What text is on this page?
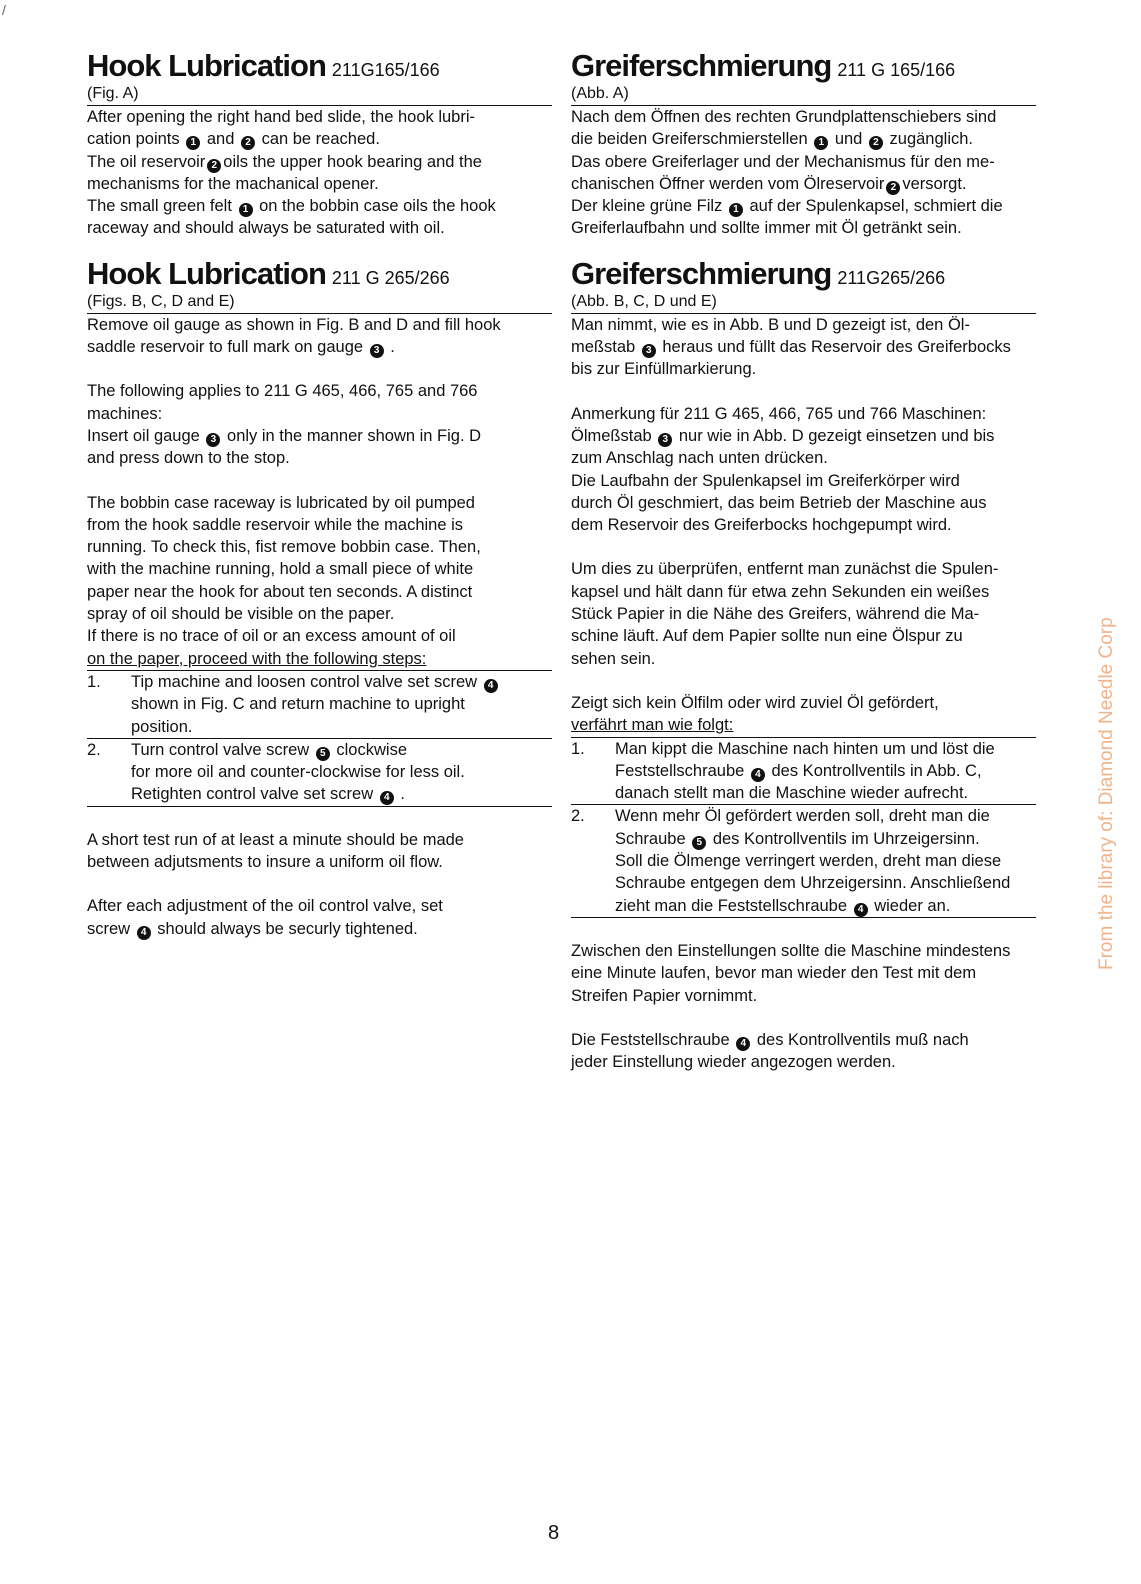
/
Hook Lubrication 211G165/166
(Fig. A)

After opening the right hand bed slide, the hook lubri-
cation points 1 and 2 can be reached.

The oil reservoir 2 oils the upper hook bearing and the
mechanisms for the machanical opener.

The small green felt 1 on the bobbin case oils the hook
raceway and should always be saturated with oil.

Hook Lubrication 211 G 265/266
(Figs. B, C, D and E)

Remove oil gauge as shown in Fig. B and D and fill hook
saddle reservoir to full mark on gauge 3 .

The following applies to 211 G 465, 466, 765 and 766
machines:

Insert oil gauge 3 only in the manner shown in Fig. D
and press down to the stop.

The bobbin case raceway is lubricated by oil pumped
from the hook saddle reservoir while the machine is
running. To check this, fist remove bobbin case. Then,
with the machine running, hold a small piece of white
paper near the hook for about ten seconds. A distinct
spray of oil should be visible on the paper.
If there is no trace of oil or an excess amount of oil

on the paper, proceed with the following steps:

1.	Tip machine and loosen control valve set screw 4
shown in Fig. C and return machine to upright
position.
2.	Turn control valve screw 5 clockwise
for more oil and counter-clockwise for less oil.
Retighten control valve set screw 4 .

A short test run of at least a minute should be made
between adjutsments to insure a uniform oil flow.

After each adjustment of the oil control valve, set
screw 4 should always be securly tightened.

Greiferschmierung 211 G 165/166
(Abb. A)

Nach dem Öffnen des rechten Grundplattenschiebers sind
die beiden Greiferschmierstellen 1 und 2 zugänglich.

Das obere Greiferlager und der Mechanismus für den me-
chanischen Öffner werden vom Ölreservoir 2 versorgt.

Der kleine grüne Filz 1 auf der Spulenkapsel, schmiert die
Greiferlaufbahn und sollte immer mit Öl getränkt sein.

Greiferschmierung 211G265/266
(Abb. B, C, D und E)

Man nimmt, wie es in Abb. B und D gezeigt ist, den Öl-
meßstab 3 heraus und füllt das Reservoir des Greiferbocks
bis zur Einfüllmarkierung.

Anmerkung für 211 G 465, 466, 765 und 766 Maschinen:
Ölmeßstab 3 nur wie in Abb. D gezeigt einsetzen und bis
zum Anschlag nach unten drücken.
Die Laufbahn der Spulenkapsel im Greiferkörper wird
durch Öl geschmiert, das beim Betrieb der Maschine aus
dem Reservoir des Greiferbocks hochgepumpt wird.

Um dies zu überprüfen, entfernt man zunächst die Spulen-
kapsel und hält dann für etwa zehn Sekunden ein weißes
Stück Papier in die Nähe des Greifers, während die Ma-
schine läuft. Auf dem Papier sollte nun eine Ölspur zu
sehen sein.

Zeigt sich kein Ölfilm oder wird zuviel Öl gefördert,

verfährt man wie folgt:

1.	Man kippt die Maschine nach hinten um und löst die
Feststellschraube 4 des Kontrollventils in Abb. C,
danach stellt man die Maschine wieder aufrecht.
2.	Wenn mehr Öl gefördert werden soll, dreht man die
Schraube 5 des Kontrollventils im Uhrzeigersinn.
Soll die Ölmenge verringert werden, dreht man diese
Schraube entgegen dem Uhrzeigersinn. Anschließend
zieht man die Feststellschraube 4 wieder an.

Zwischen den Einstellungen sollte die Maschine mindestens
eine Minute laufen, bevor man wieder den Test mit dem
Streifen Papier vornimmt.

Die Feststellschraube 4 des Kontrollventils muß nach
jeder Einstellung wieder angezogen werden.

From the library of: Diamond Needle Corp
8
